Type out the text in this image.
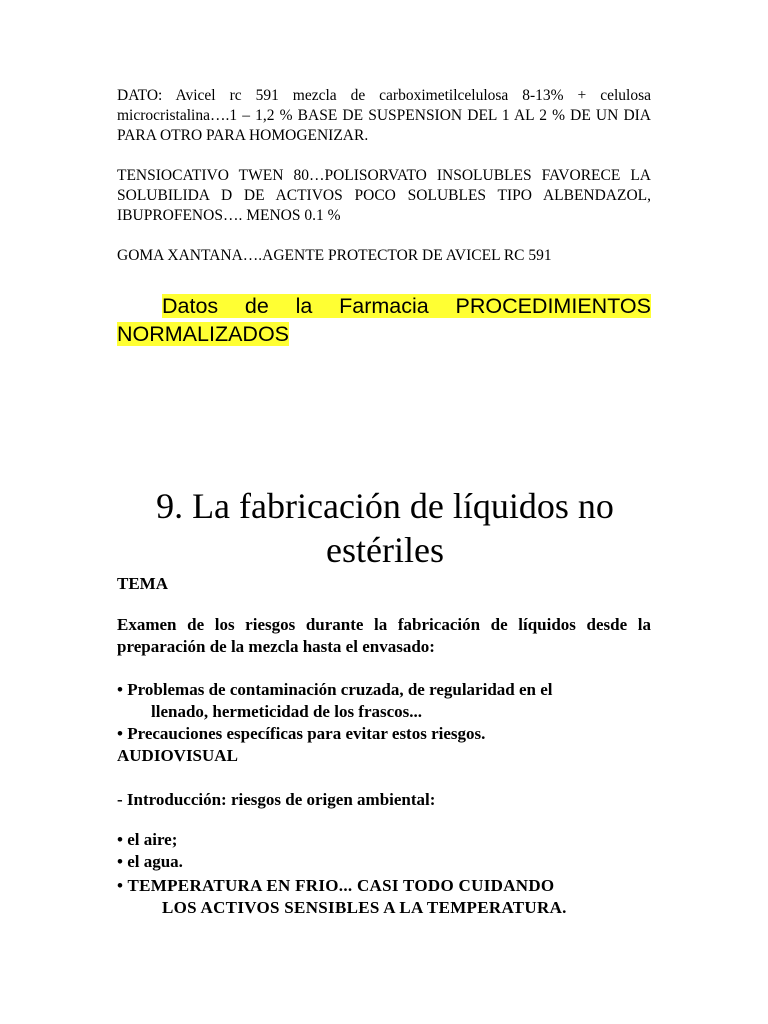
DATO: Avicel rc 591 mezcla de carboximetilcelulosa 8-13% + celulosa microcristalina….1 – 1,2 % BASE DE SUSPENSION DEL 1 AL 2 % DE UN DIA PARA OTRO PARA HOMOGENIZAR.

TENSIOCATIVO TWEN 80…POLISORVATO INSOLUBLES FAVORECE LA SOLUBILIDA D DE ACTIVOS POCO SOLUBLES TIPO ALBENDAZOL, IBUPROFENOS…. MENOS 0.1 %

GOMA XANTANA….AGENTE PROTECTOR DE AVICEL RC 591

Datos de la Farmacia PROCEDIMIENTOS NORMALIZADOS

9. La fabricación de líquidos no estériles

TEMA

Examen de los riesgos durante la fabricación de líquidos desde la preparación de la mezcla hasta el envasado:

• Problemas de contaminación cruzada, de regularidad en el
llenado, hermeticidad de los frascos...

• Precauciones específicas para evitar estos riesgos.

AUDIOVISUAL

- Introducción: riesgos de origen ambiental:

• el aire;

• el agua.

• TEMPERATURA EN FRIO... CASI TODO CUIDANDO
LOS ACTIVOS SENSIBLES A LA TEMPERATURA.
